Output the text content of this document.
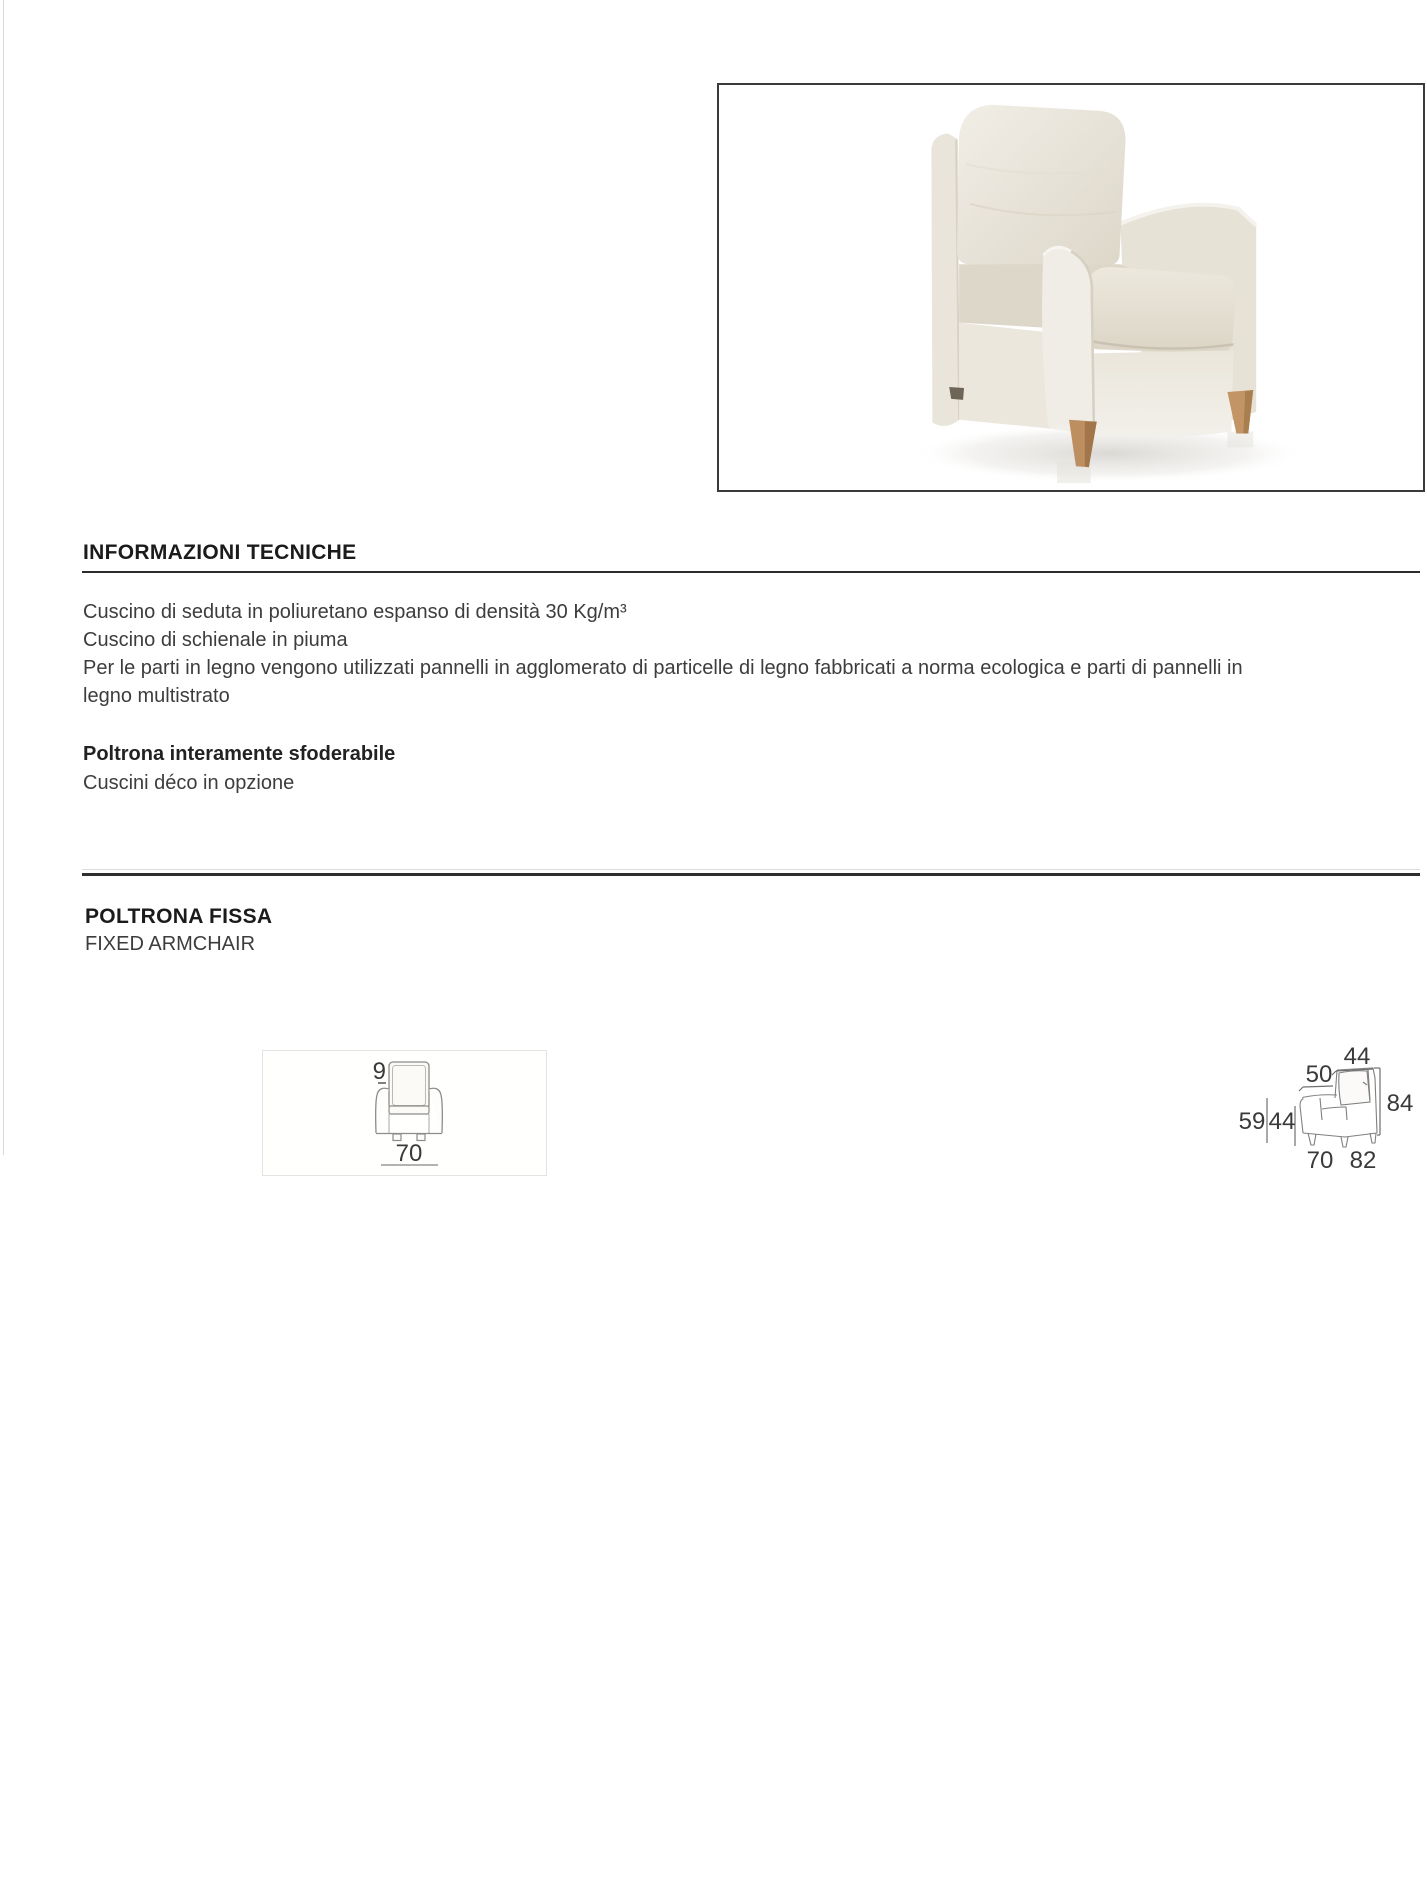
INFORMAZIONI TECNICHE
Cuscino di seduta in poliuretano espanso di densità 30 Kg/m³
Cuscino di schienale in piuma
Per le parti in legno vengono utilizzati pannelli in agglomerato di particelle di legno fabbricati a norma ecologica e parti di pannelli in
legno multistrato
Poltrona interamente sfoderabile
Cuscini déco in opzione
POLTRONA FISSA
FIXED ARMCHAIR
9
70
44
50
84
59 44
70 82
